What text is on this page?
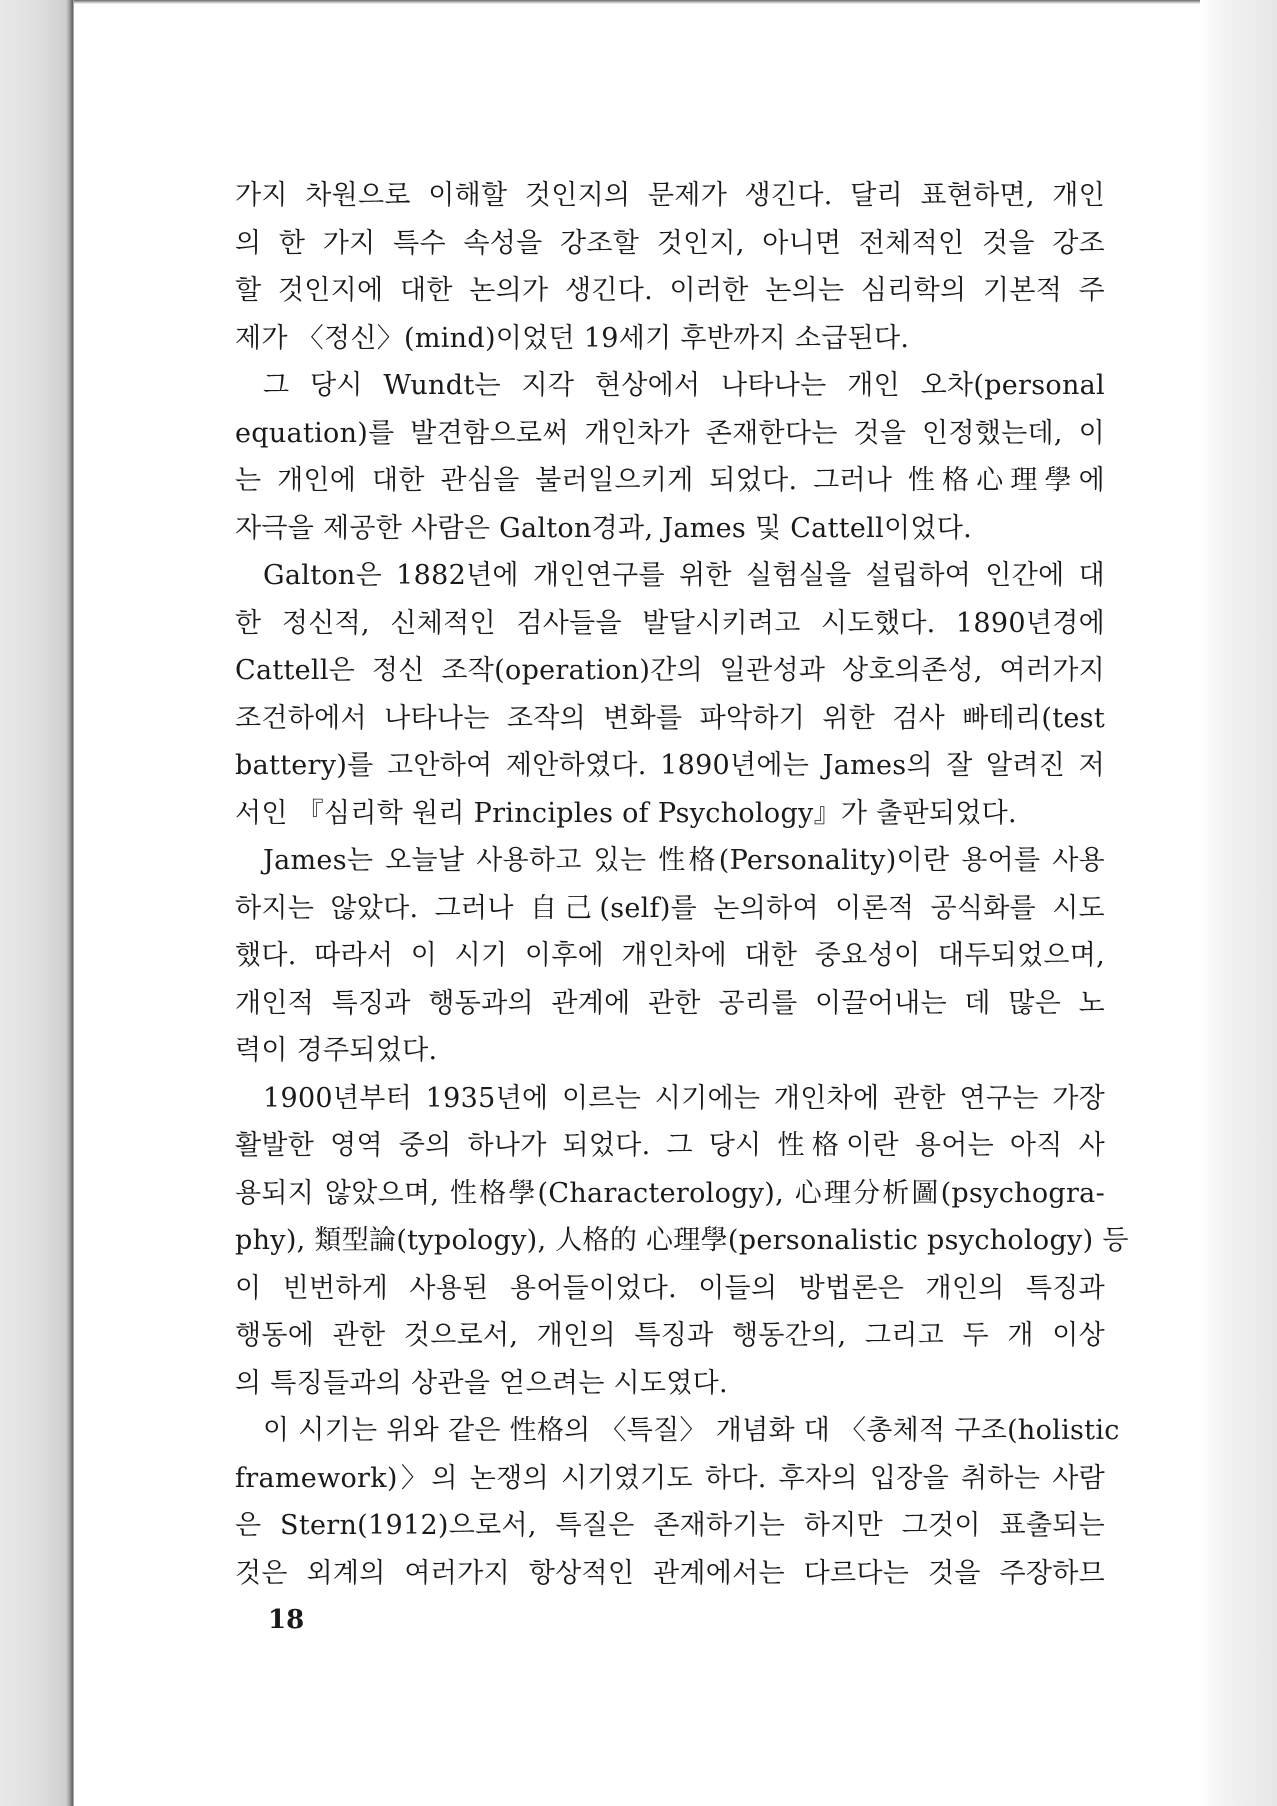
가지 차원으로 이해할 것인지의 문제가 생긴다. 달리 표현하면, 개인
의 한 가지 특수 속성을 강조할 것인지, 아니면 전체적인 것을 강조
할 것인지에 대한 논의가 생긴다. 이러한 논의는 심리학의 기본적 주
제가 〈정신〉(mind)이었던 19세기 후반까지 소급된다.
그 당시 Wundt는 지각 현상에서 나타나는 개인 오차(personal
equation)를 발견함으로써 개인차가 존재한다는 것을 인정했는데, 이
는 개인에 대한 관심을 불러일으키게 되었다. 그러나 性格心理學에
자극을 제공한 사람은 Galton경과, James 및 Cattell이었다.
Galton은 1882년에 개인연구를 위한 실험실을 설립하여 인간에 대
한 정신적, 신체적인 검사들을 발달시키려고 시도했다. 1890년경에
Cattell은 정신 조작(operation)간의 일관성과 상호의존성, 여러가지
조건하에서 나타나는 조작의 변화를 파악하기 위한 검사 빠테리(test
battery)를 고안하여 제안하였다. 1890년에는 James의 잘 알려진 저
서인 『심리학 원리 Principles of Psychology』가 출판되었다.
James는 오늘날 사용하고 있는 性格(Personality)이란 용어를 사용
하지는 않았다. 그러나 自己(self)를 논의하여 이론적 공식화를 시도
했다. 따라서 이 시기 이후에 개인차에 대한 중요성이 대두되었으며,
개인적 특징과 행동과의 관계에 관한 공리를 이끌어내는 데 많은 노
력이 경주되었다.
1900년부터 1935년에 이르는 시기에는 개인차에 관한 연구는 가장
활발한 영역 중의 하나가 되었다. 그 당시 性格이란 용어는 아직 사
용되지 않았으며, 性格學(Characterology), 心理分析圖(psychogra-
phy), 類型論(typology), 人格的 心理學(personalistic psychology) 등
이 빈번하게 사용된 용어들이었다. 이들의 방법론은 개인의 특징과
행동에 관한 것으로서, 개인의 특징과 행동간의, 그리고 두 개 이상
의 특징들과의 상관을 얻으려는 시도였다.
이 시기는 위와 같은 性格의 〈특질〉 개념화 대 〈총체적 구조(holistic
framework)〉의 논쟁의 시기였기도 하다. 후자의 입장을 취하는 사람
은 Stern(1912)으로서, 특질은 존재하기는 하지만 그것이 표출되는
것은 외계의 여러가지 항상적인 관계에서는 다르다는 것을 주장하므
18
